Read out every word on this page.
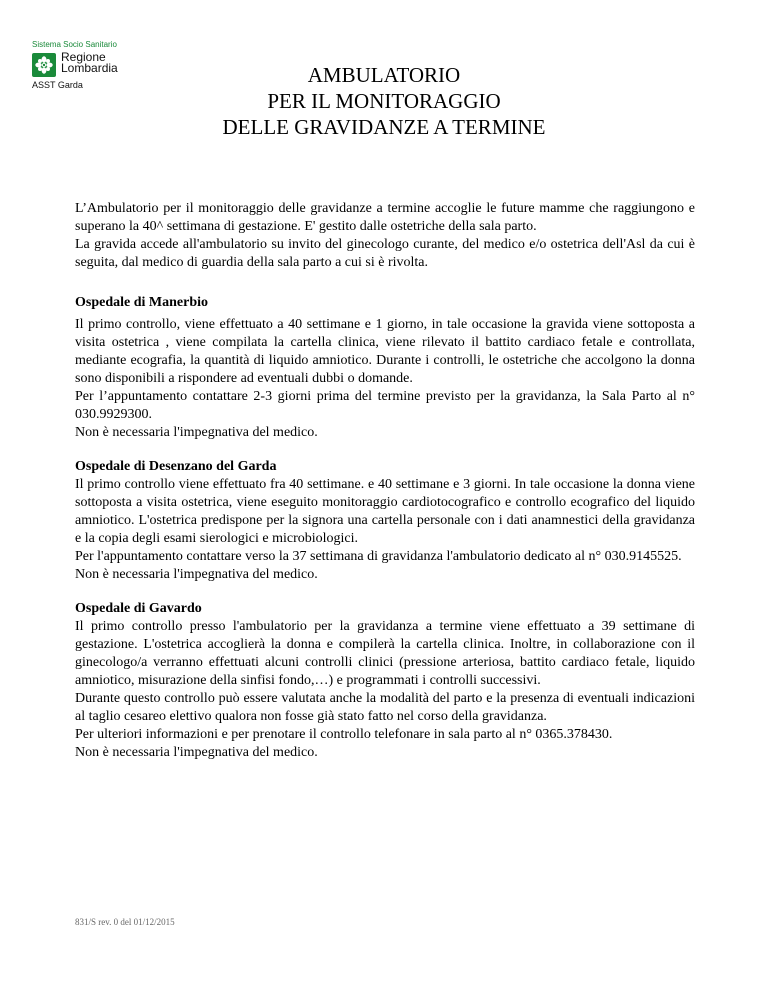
Sistema Socio Sanitario
Regione
Lombardia
ASST Garda	AMBULATORIO
PER IL MONITORAGGIO
DELLE GRAVIDANZE A TERMINE

L’Ambulatorio per il monitoraggio delle gravidanze a termine accoglie le future mamme che raggiungono e superano la 40^ settimana di gestazione. E' gestito dalle ostetriche della sala parto.

La gravida accede all'ambulatorio su invito del ginecologo curante, del medico e/o ostetrica dell'Asl da cui è seguita, dal medico di guardia della sala parto a cui si è rivolta.

Ospedale di Manerbio

Il primo controllo, viene effettuato a 40 settimane e 1 giorno, in tale occasione la gravida viene sottoposta a visita ostetrica , viene compilata la cartella clinica, viene rilevato il battito cardiaco fetale e controllata, mediante ecografia, la quantità di liquido amniotico. Durante i controlli, le ostetriche che accolgono la donna sono disponibili a rispondere ad eventuali dubbi o domande.

Per l’appuntamento contattare 2-3 giorni prima del termine previsto per la gravidanza, la Sala Parto al n° 030.9929300.

Non è necessaria l'impegnativa del medico.

Ospedale di Desenzano del Garda

Il primo controllo viene effettuato fra 40 settimane. e 40 settimane e 3 giorni. In tale occasione la donna viene sottoposta a visita ostetrica, viene eseguito monitoraggio cardiotocografico e controllo ecografico del liquido amniotico. L'ostetrica predispone per la signora una cartella personale con i dati anamnestici della gravidanza e la copia degli esami sierologici e microbiologici.

Per l'appuntamento contattare verso la 37 settimana di gravidanza l'ambulatorio dedicato al n° 030.9145525.

Non è necessaria l'impegnativa del medico.

Ospedale di Gavardo

Il primo controllo presso l'ambulatorio per la gravidanza a termine viene effettuato a 39 settimane di gestazione. L'ostetrica accoglierà la donna e compilerà la cartella clinica. Inoltre, in collaborazione con il ginecologo/a verranno effettuati alcuni controlli clinici (pressione arteriosa, battito cardiaco fetale, liquido amniotico, misurazione della sinfisi fondo,…) e programmati i controlli successivi.

Durante questo controllo può essere valutata anche la modalità del parto e la presenza di eventuali indicazioni al taglio cesareo elettivo qualora non fosse già stato fatto nel corso della gravidanza.

Per ulteriori informazioni e per prenotare il controllo telefonare in sala parto al n° 0365.378430.

Non è necessaria l'impegnativa del medico.

831/S rev. 0 del 01/12/2015
